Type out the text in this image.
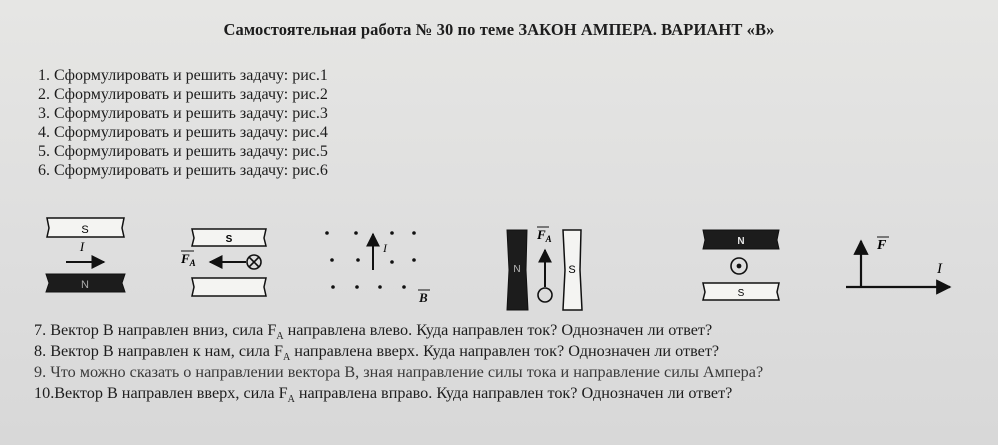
Самостоятельная работа № 30 по теме ЗАКОН АМПЕРА. ВАРИАНТ «В»
1. Сформулировать и решить задачу: рис.1
2. Сформулировать и решить задачу: рис.2
3. Сформулировать и решить задачу: рис.3
4. Сформулировать и решить задачу: рис.4
5. Сформулировать и решить задачу: рис.5
6. Сформулировать и решить задачу: рис.6
S
I
N
S
$F_A$
I
B
N	S
$F_A$	N
S
F
I
7. Вектор B направлен вниз, сила $F_A$ направлена влево. Куда направлен ток? Однозначен ли ответ?
8. Вектор B направлен к нам, сила $F_A$ направлена вверх. Куда направлен ток? Однозначен ли ответ?
9. Что можно сказать о направлении вектора B, зная направление силы тока и направление силы Ампера?
10.Вектор B направлен вверх, сила $F_A$ направлена вправо. Куда направлен ток? Однозначен ли ответ?
